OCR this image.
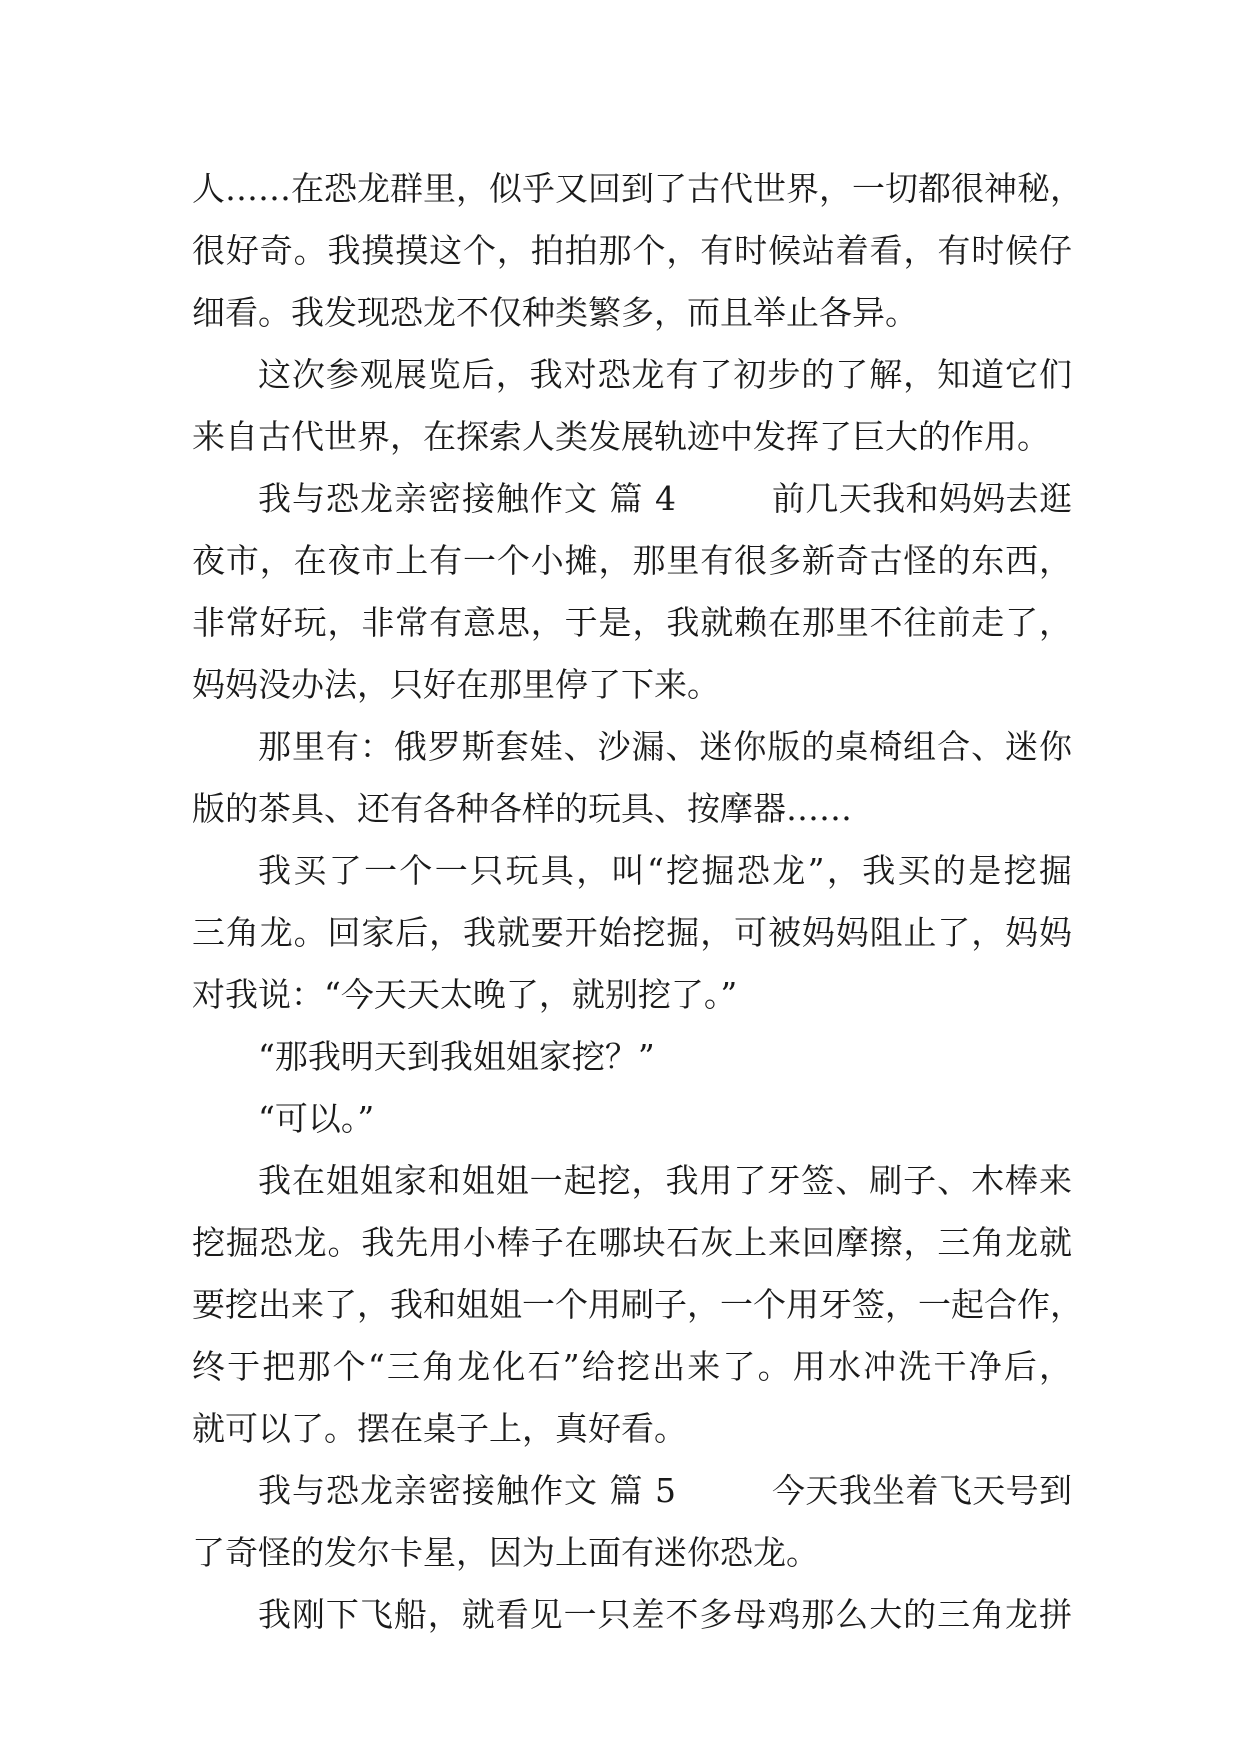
人……在恐龙群里，似乎又回到了古代世界，一切都很神秘，
很好奇。我摸摸这个，拍拍那个，有时候站着看，有时候仔
细看。我发现恐龙不仅种类繁多，而且举止各异。
这次参观展览后，我对恐龙有了初步的了解，知道它们
来自古代世界，在探索人类发展轨迹中发挥了巨大的作用。
我与恐龙亲密接触作文 篇 4	前几天我和妈妈去逛
夜市，在夜市上有一个小摊，那里有很多新奇古怪的东西，
非常好玩，非常有意思，于是，我就赖在那里不往前走了，
妈妈没办法，只好在那里停了下来。
那里有：俄罗斯套娃、沙漏、迷你版的桌椅组合、迷你
版的茶具、还有各种各样的玩具、按摩器……
我买了一个一只玩具，叫“挖掘恐龙”，我买的是挖掘
三角龙。回家后，我就要开始挖掘，可被妈妈阻止了，妈妈
对我说：“今天天太晚了，就别挖了。”
“那我明天到我姐姐家挖？”
“可以。”
我在姐姐家和姐姐一起挖，我用了牙签、刷子、木棒来
挖掘恐龙。我先用小棒子在哪块石灰上来回摩擦，三角龙就
要挖出来了，我和姐姐一个用刷子，一个用牙签，一起合作，
终于把那个“三角龙化石”给挖出来了。用水冲洗干净后，
就可以了。摆在桌子上，真好看。
我与恐龙亲密接触作文 篇 5	今天我坐着飞天号到
了奇怪的发尔卡星，因为上面有迷你恐龙。
我刚下飞船，就看见一只差不多母鸡那么大的三角龙拼
